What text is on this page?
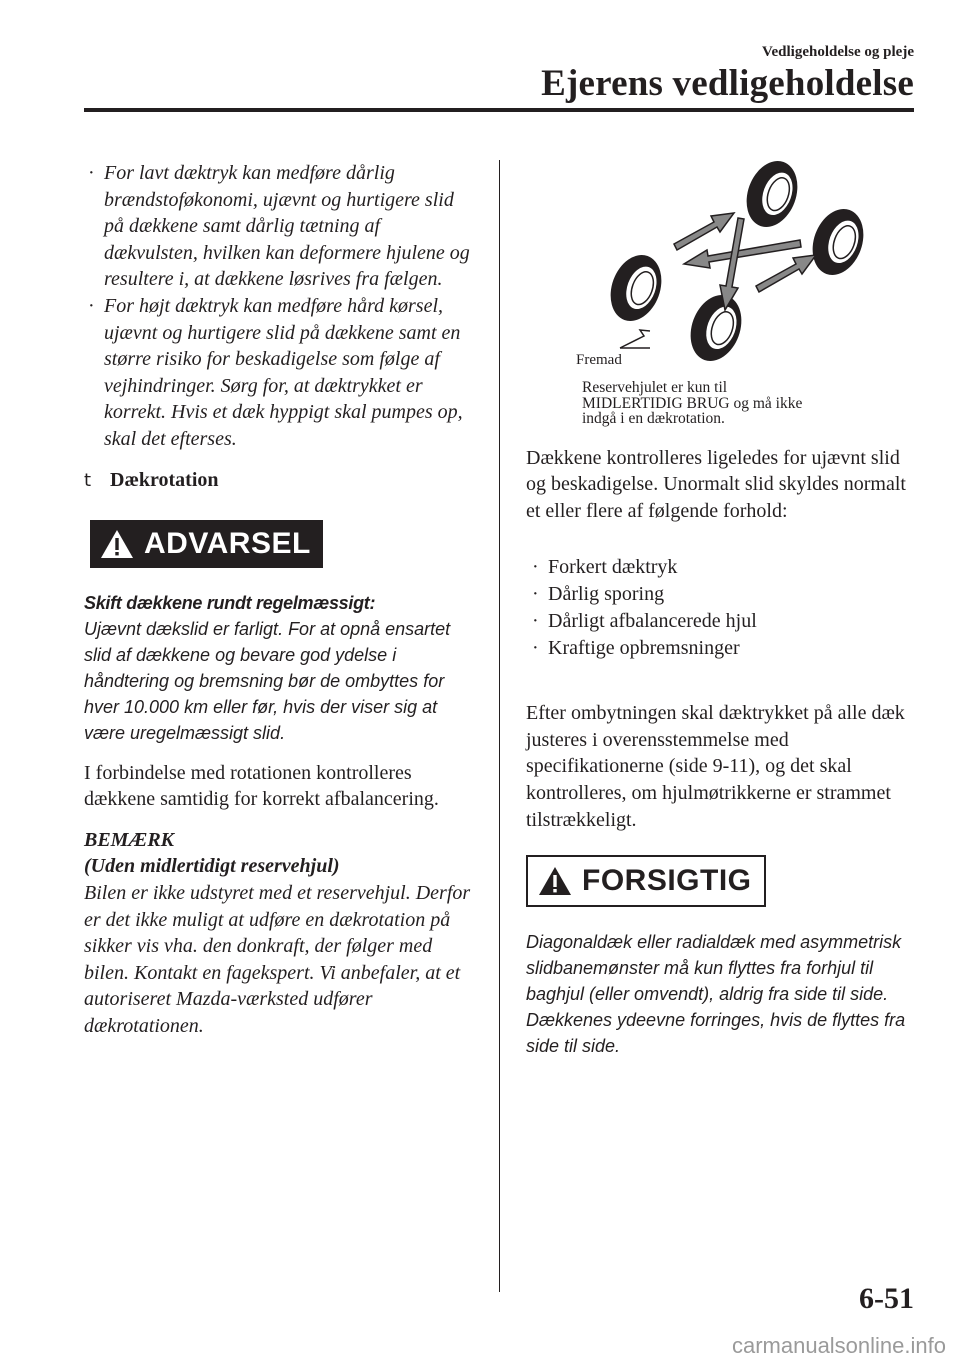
Vedligeholdelse og pleje
Ejerens vedligeholdelse
· For lavt dæktryk kan medføre dårlig brændstoføkonomi, ujævnt og hurtigere slid på dækkene samt dårlig tætning af dækvulsten, hvilken kan deformere hjulene og resultere i, at dækkene løsrives fra fælgen.
· For højt dæktryk kan medføre hård kørsel, ujævnt og hurtigere slid på dækkene samt en større risiko for beskadigelse som følge af vejhindringer. Sørg for, at dæktrykket er korrekt. Hvis et dæk hyppigt skal pumpes op, skal det efterses.
t Dækrotation
ADVARSEL
Skift dækkene rundt regelmæssigt:
Ujævnt dækslid er farligt. For at opnå ensartet slid af dækkene og bevare god ydelse i håndtering og bremsning bør de ombyttes for hver 10.000 km eller før, hvis der viser sig at være uregelmæssigt slid.

I forbindelse med rotationen kontrolleres dækkene samtidig for korrekt afbalancering.

BEMÆRK
(Uden midlertidigt reservehjul)
Bilen er ikke udstyret med et reservehjul. Derfor er det ikke muligt at udføre en dækrotation på sikker vis vha. den donkraft, der følger med bilen. Kontakt en fagekspert. Vi anbefaler, at et autoriseret Mazda-værksted udfører dækrotationen.
Fremad
Reservehjulet er kun til
MIDLERTIDIG BRUG og må ikke
indgå i en dækrotation.

Dækkene kontrolleres ligeledes for ujævnt slid og beskadigelse. Unormalt slid skyldes normalt et eller flere af følgende forhold:

· Forkert dæktryk
· Dårlig sporing
· Dårligt afbalancerede hjul
· Kraftige opbremsninger

Efter ombytningen skal dæktrykket på alle dæk justeres i overensstemmelse med specifikationerne (side 9-11), og det skal kontrolleres, om hjulmøtrikkerne er strammet tilstrækkeligt.

FORSIGTIG
Diagonaldæk eller radialdæk med asymmetrisk slidbanemønster må kun flyttes fra forhjul til baghjul (eller omvendt), aldrig fra side til side. Dækkenes ydeevne forringes, hvis de flyttes fra side til side.
6-51
carmanualsonline.info
